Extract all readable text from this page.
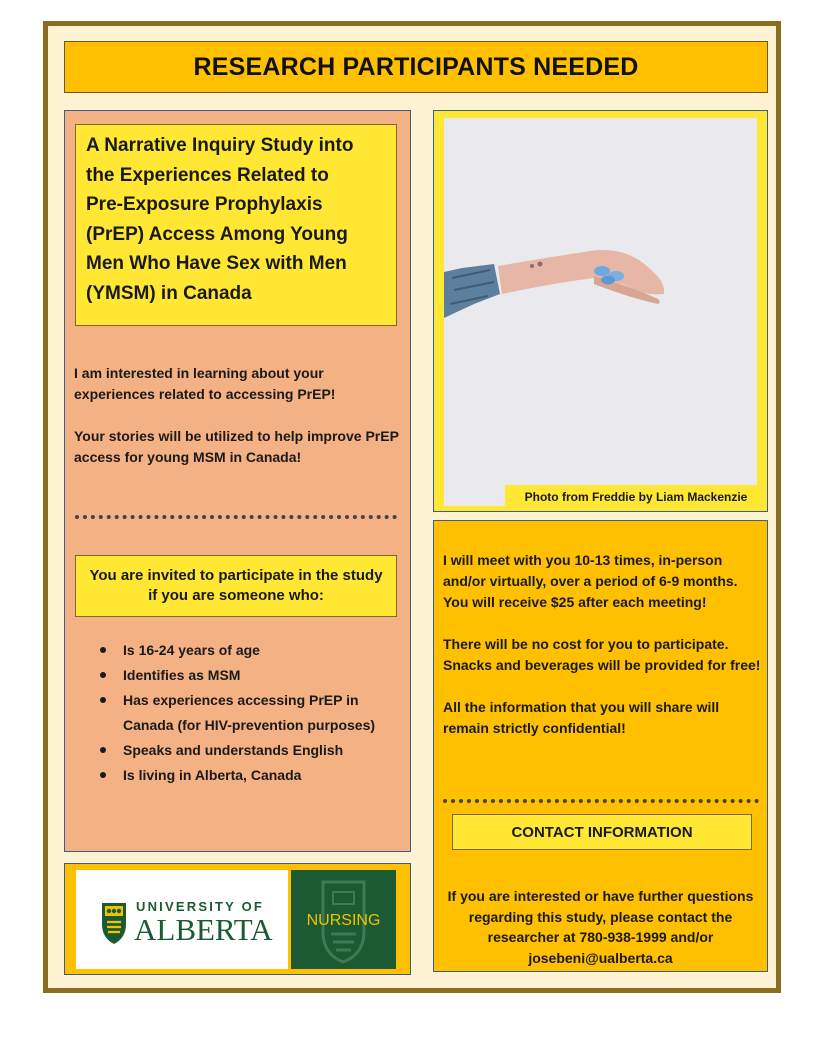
RESEARCH PARTICIPANTS NEEDED

A Narrative Inquiry Study into

the Experiences Related to

Pre-Exposure Prophylaxis

(PrEP) Access Among Young

Men Who Have Sex with Men

(YMSM) in Canada

I am interested in learning about your experiences related to accessing PrEP!

Your stories will be utilized to help improve PrEP access for young MSM in Canada!

You are invited to participate in the study if you are someone who:
Is 16-24 years of age
Identifies as MSM
Has experiences accessing PrEP in Canada (for HIV-prevention purposes)
Speaks and understands English
Is living in Alberta, Canada
UNIVERSITY OF
ALBERTA NURSING
Photo from Freddie by Liam Mackenzie

I will meet with you 10-13 times, in-person and/or virtually, over a period of 6-9 months. You will receive $25 after each meeting!

There will be no cost for you to participate. Snacks and beverages will be provided for free!

All the information that you will share will remain strictly confidential!

CONTACT INFORMATION
If you are interested or have further questions regarding this study, please contact the researcher at 780-938-1999 and/or josebeni@ualberta.ca
